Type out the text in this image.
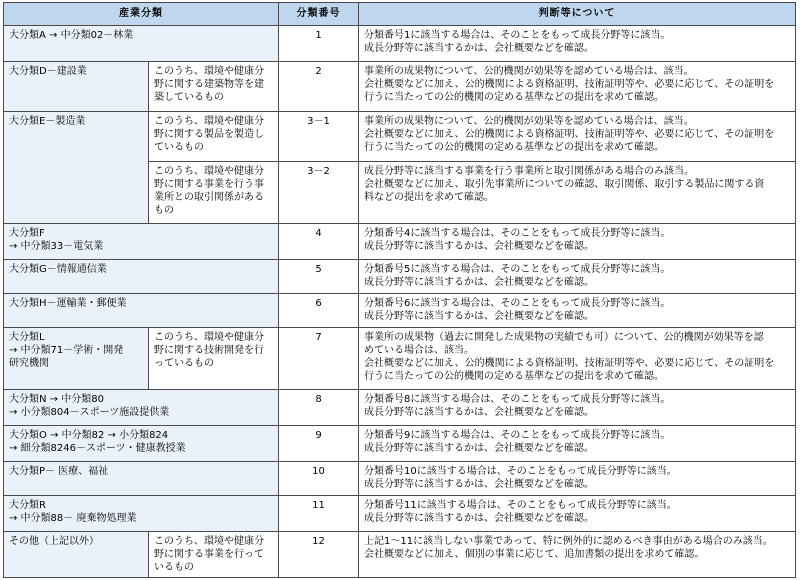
産業分類		分類番号	判断等について

大分類A → 中分類02－林業		1	分類番号1に該当する場合は、そのことをもって成長分野等に該当。
成長分野等に該当するかは、会社概要などを確認。

大分類D－建設業	このうち、環境や健康分野に関する建築物等を建築しているもの	2	事業所の成果物について、公的機関が効果等を認めている場合は、該当。
会社概要などに加え、公的機関による資格証明、技術証明等や、必要に応じて、その証明を
行うに当たっての公的機関の定める基準などの提出を求めて確認。

大分類E－製造業	このうち、環境や健康分野に関する製品を製造しているもの	3－1	事業所の成果物について、公的機関が効果等を認めている場合は、該当。
会社概要などに加え、公的機関による資格証明、技術証明等や、必要に応じて、その証明を
行うに当たっての公的機関の定める基準などの提出を求めて確認。

	このうち、環境や健康分野に関する事業を行う事業所との取引関係があるもの	3－2	成長分野等に該当する事業を行う事業所と取引関係がある場合のみ該当。
会社概要などに加え、取引先事業所についての確認、取引関係、取引する製品に関する資
料などの提出を求めて確認。

大分類F
→ 中分類33－電気業		4	分類番号4に該当する場合は、そのことをもって成長分野等に該当。
成長分野等に該当するかは、会社概要などを確認。

大分類G－情報通信業		5	分類番号5に該当する場合は、そのことをもって成長分野等に該当。
成長分野等に該当するかは、会社概要などを確認。

大分類H－運輸業・郵便業		6	分類番号6に該当する場合は、そのことをもって成長分野等に該当。
成長分野等に該当するかは、会社概要などを確認。

大分類L
→ 中分類71－学術・開発
研究機関	このうち、環境や健康分野に関する技術開発を行っているもの	7	事業所の成果物（過去に開発した成果物の実績でも可）について、公的機関が効果等を認
めている場合は、該当。
会社概要などに加え、公的機関による資格証明、技術証明等や、必要に応じて、その証明を
行うに当たっての公的機関の定める基準などの提出を求めて確認。

大分類N → 中分類80
→ 小分類804－スポーツ施設提供業		8	分類番号8に該当する場合は、そのことをもって成長分野等に該当。
成長分野等に該当するかは、会社概要などを確認。

大分類O → 中分類82 → 小分類824
→ 細分類8246－スポーツ・健康教授業		9	分類番号9に該当する場合は、そのことをもって成長分野等に該当。
成長分野等に該当するかは、会社概要などを確認。

大分類P－ 医療、福祉		10	分類番号10に該当する場合は、そのことをもって成長分野等に該当。
成長分野等に該当するかは、会社概要などを確認。

大分類R
→ 中分類88－ 廃棄物処理業		11	分類番号11に該当する場合は、そのことをもって成長分野等に該当。
成長分野等に該当するかは、会社概要などを確認。

その他（上記以外）	このうち、環境や健康分野に関する事業を行っているもの	12	上記1～11に該当しない事業であって、特に例外的に認めるべき事由がある場合のみ該当。
会社概要などに加え、個別の事業に応じて、追加書類の提出を求めて確認。
